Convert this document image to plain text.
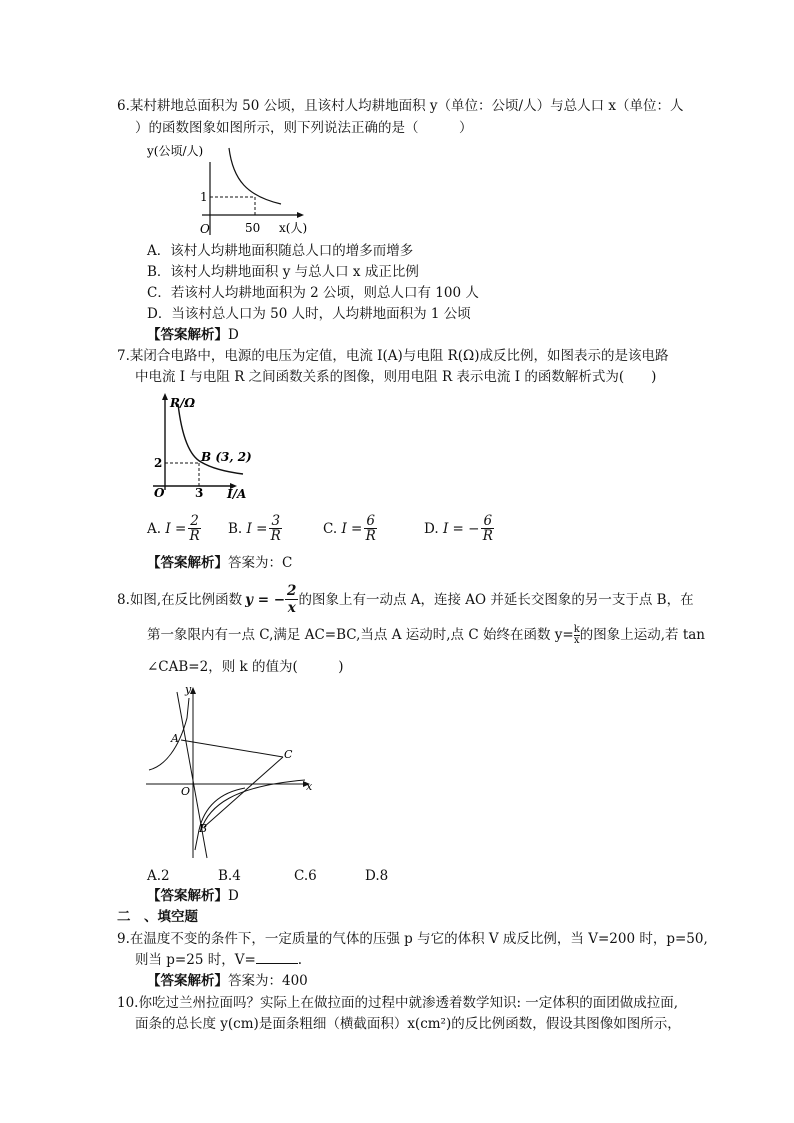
6.某村耕地总面积为 50 公顷，且该村人均耕地面积 y（单位：公顷/人）与总人口 x（单位：人
）的函数图象如图所示，则下列说法正确的是（　　　）
y(公顷/人)
1
O	50 x(人)
A．该村人均耕地面积随总人口的增多而增多
B．该村人均耕地面积 y 与总人口 x 成正比例
C．若该村人均耕地面积为 2 公顷，则总人口有 100 人
D．当该村总人口为 50 人时，人均耕地面积为 1 公顷
【答案解析】D
7.某闭合电路中，电源的电压为定值，电流 I(A)与电阻 R(Ω)成反比例，如图表示的是该电路
中电流 I 与电阻 R 之间函数关系的图像，则用电阻 R 表示电流 I 的函数解析式为(　　)
R/Ω
B (3, 2)
2
O	3 I/A
A.
$I = \frac{2}{R} B$.
$I = \frac{3}{R}$	C.
$I = \frac{6}{R}$	D.
I = − $\frac{6}{R}$
【答案解析】答案为：C
8.如图,在反比例函数 y = − $\frac{2}{x}$ 的图象上有一动点 A，连接 AO 并延长交图象的另一支于点 B，在
第一象限内有一点 C,满足 AC=BC,当点 A 运动时,点 C 始终在函数 $y= \frac{k}{x}$ 的图象上运动,若 tan
∠CAB=2，则 k 的值为(　　　)
y
x
O
A
B
C
A.2	B.4	C.6	D.8
【答案解析】D
二　、填空题
9.在温度不变的条件下，一定质量的气体的压强 p 与它的体积 V 成反比例，当 V=200 时，p=50,
则当 p=25 时，V=	.
【答案解析】答案为：400
10.你吃过兰州拉面吗？实际上在做拉面的过程中就渗透着数学知识: 一定体积的面团做成拉面,
面条的总长度 y(cm)是面条粗细（横截面积）x(cm²)的反比例函数，假设其图像如图所示，
